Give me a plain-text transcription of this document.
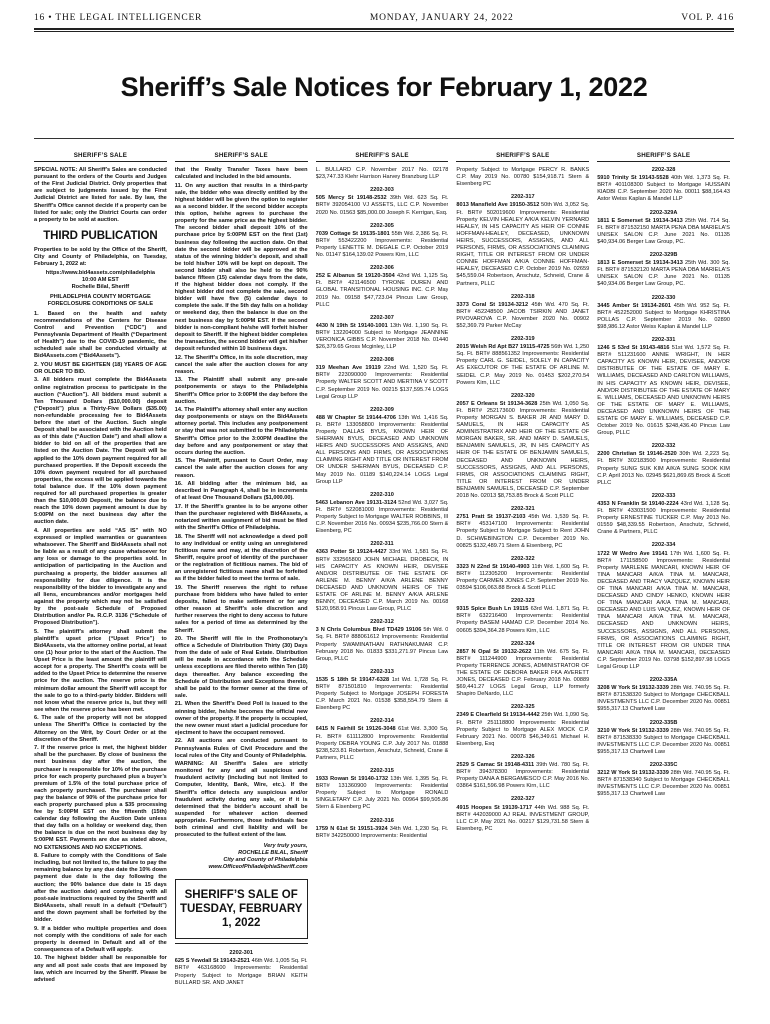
16 • THE LEGAL INTELLIGENCER	MONDAY, JANUARY 24, 2022	VOL P. 416
Sheriff’s Sale Notices for February 1, 2022
SHERIFF’S SALE

SPECIAL NOTE: All Sheriff’s Sales are conducted pursuant to the orders of the Courts and Judges of the First Judicial District. Only properties that are subject to judgments issued by the First Judicial District are listed for sale. By law, the Sheriff’s Office cannot decide if a property can be listed for sale; only the District Courts can order a property to be sold at auction.

THIRD PUBLICATION

Properties to be sold by the Office of the Sheriff, City and County of Philadelphia, on Tuesday, February 1, 2022 at:

https://www.bid4assets.com/philadelphia
10:00 AM EST
Rochelle Bilal, Sheriff
PHILADELPHIA COUNTY MORTGAGE FORECLOSURE CONDITIONS OF SALE

1. Based on the health and safety recommendations of the Centers for Disease Control and Prevention (“CDC”) and Pennsylvania Department of Health (“Department of Health”) due to the COVID-19 pandemic, the scheduled sale shall be conducted virtually at Bid4Assets.com (“Bid4Assets”).

2. YOU MUST BE EIGHTEEN (18) YEARS OF AGE OR OLDER TO BID.

3. All bidders must complete the Bid4Assets online registration process to participate in the auction (“Auction”). All bidders must submit a Ten Thousand Dollars ($10,000.00) deposit (“Deposit”) plus a Thirty-Five Dollars ($35.00) non-refundable processing fee to Bid4Assets before the start of the Auction. Such single Deposit shall be associated with the Auction held as of this date (“Auction Date”) and shall allow a bidder to bid on all of the properties that are listed on the Auction Date. The Deposit will be applied to the 10% down payment required for all purchased properties. If the Deposit exceeds the 10% down payment required for all purchased properties, the excess will be applied towards the total balance due. If the 10% down payment required for all purchased properties is greater than the $10,000.00 Deposit, the balance due to reach the 10% down payment amount is due by 5:00PM on the next business day after the auction date.

4. All properties are sold “AS IS” with NO expressed or implied warranties or guarantees whatsoever. The Sheriff and Bid4Assets shall not be liable as a result of any cause whatsoever for any loss or damage to the properties sold. In anticipation of participating in the Auction and purchasing a property, the bidder assumes all responsibility for due diligence. It is the responsibility of the bidder to investigate any and all liens, encumbrances and/or mortgages held against the property which may not be satisfied by the post-sale Schedule of Proposed Distribution and/or Pa. R.C.P. 3136 (“Schedule of Proposed Distribution”).

5. The plaintiff’s attorney shall submit the plaintiff’s upset price (“Upset Price”) to Bid4Assets, via the attorney online portal, at least one (1) hour prior to the start of the Auction. The Upset Price is the least amount the plaintiff will accept for a property. The Sheriff’s costs will be added to the Upset Price to determine the reserve price for the auction. The reserve price is the minimum dollar amount the Sheriff will accept for the sale to go to a third-party bidder. Bidders will not know what the reserve price is, but they will see when the reserve price has been met.

6. The sale of the property will not be stopped unless The Sheriff’s Office is contacted by the Attorney on the Writ, by Court Order or at the discretion of the Sheriff.

7. If the reserve price is met, the highest bidder shall be the purchaser. By close of business the next business day after the auction, the purchaser is responsible for 10% of the purchase price for each property purchased plus a buyer’s premium of 1.5% of the total purchase price of each property purchased. The purchaser shall pay the balance of 90% of the purchase price for each property purchased plus a $35 processing fee by 5:00PM EST on the fifteenth (15th) calendar day following the Auction Date unless that day falls on a holiday or weekend day, then the balance is due on the next business day by 5:00PM EST. Payments are due as stated above, NO EXTENSIONS AND NO EXCEPTIONS.

8. Failure to comply with the Conditions of Sale including, but not limited to, the failure to pay the remaining balance by any due date the 10% down payment due date is the day following the auction; the 90% balance due date is 15 days after the auction date) and completing with all post-sale instructions required by the Sheriff and Bid4Assets, shall result in a default (“Default”) and the down payment shall be forfeited by the bidder.

9. If a bidder who multiple properties and does not comply with the conditions of sale for each property is deemed in Default and all of the consequences of a Default will apply.

10. The highest bidder shall be responsible for any and all post sale costs that are imposed by law, which are incurred by the Sheriff. Please be advised

SHERIFF’S SALE

that the Realty Transfer Taxes have been calculated and included in the bid amounts.

11. On any auction that results in a third-party sale, the bidder who was directly entitled by the highest bidder will be given the option to register as a second bidder. If the second bidder accepts this option, he/she agrees to purchase the property for the same price as the highest bidder. The second bidder shall deposit 10% of the purchase price by 5:00PM EST on the first (1st) business day following the auction date. On that date the second bidder will be approved at the status of the winning bidder’s deposit, and shall be told his/her 10% will be kept on deposit. The second bidder shall also be held to the 90% balance fifteen (15) calendar days from the date, if the highest bidder does not comply. If the highest bidder did not complete the sale, second bidder will have five (5) calendar days to complete the sale. If the 5th day falls on a holiday or weekend day, then the balance is due on the next business day by 5:00PM EST. If the second bidder is non-compliant he/she will forfeit his/her deposit to Sheriff. If the highest bidder completes the transaction, the second bidder will get his/her deposit refunded within 10 business days.

12. The Sheriff’s Office, in its sole discretion, may cancel the sale after the auction closes for any reason.

13. The Plaintiff shall submit any pre-sale postponements or stays to the Philadelphia Sheriff’s Office prior to 3:00PM the day before the auction.

14. The Plaintiff’s attorney shall enter any auction day postponements or stays on the Bid4Assets attorney portal. This includes any postponement or stay that was not submitted to the Philadelphia Sheriff’s Office prior to the 3:00PM deadline the day before and any postponement or stay that occurs during the auction.

15. The Plaintiff, pursuant to Court Order, may cancel the sale after the auction closes for any reason.

16. All bidding after the minimum bid, as described in Paragraph 4, shall be in increments of at least One Thousand Dollars ($1,000.00).

17. If the Sheriff’s grantee is to be anyone other than the purchaser registered with Bid4Assets, a notarized written assignment of bid must be filed with the Sheriff’s Office of Philadelphia.

18. The Sheriff will not acknowledge a deed poll to any individual or entity using an unregistered fictitious name and may, at the discretion of the Sheriff, require proof of identity of the purchaser or the registration of fictitious names. The bid of an unregistered fictitious name shall be forfeited as if the bidder failed to meet the terms of sale.

19. The Sheriff reserves the right to refuse purchase from bidders who have failed to enter deposits, failed to make settlement or for any other reason at Sheriff’s sole discretion and further reserves the right to deny access to future sales for a period of time as determined by the Sheriff.

20. The Sheriff will file in the Prothonotary’s office a Schedule of Distribution Thirty (30) Days from the date of sale of Real Estate. Distribution will be made in accordance with the Schedule unless exceptions are filed thereto within Ten (10) days thereafter. Any balance exceeding the Schedule of Distribution and Exceptions thereto, shall be paid to the former owner at the time of sale.

21. When the Sheriff’s Deed Poll is issued to the winning bidder, he/she becomes the official new owner of the property. If the property is occupied, the new owner must start a judicial procedure for ejectment to have the occupant removed.

22. All auctions are conducted pursuant to Pennsylvania Rules of Civil Procedure and the local rules of the City and County of Philadelphia.

WARNING: All Sheriff’s Sales are strictly monitored for any and all suspicious and fraudulent activity (including but not limited to Computer, Identity, Bank, Wire, etc.). If the Sheriff’s office detects any suspicious and/or fraudulent activity during any sale, or if it is determined that the bidder’s account shall be suspended for whatever action deemed appropriate. Furthermore, those individuals face both criminal and civil liability and will be prosecuted to the fullest extent of the law.

Very truly yours,
ROCHELLE BILAL, Sheriff
City and County of Philadelphia
www.OfficeofPhiladelphiaSheriff.com
SHERIFF’S SALE OF TUESDAY, FEBRUARY 1, 2022
2202-301
625 S Yewdall St 19143-2521 46th Wd. 1,005 Sq. Ft. BRT# 463168600 Improvements: Residential Property Subject to Mortgage BRIAN KEITH BULLARD SR. AND JANET
SHERIFF’S SALE
L. BULLARD C.P. November 2017 No. 02178 $23,747.33 Klehr Harrison Harvey Branzburg LLP
2202-303
505 Mercy St 19148-2532 39th Wd. 623 Sq. Ft. BRT# 392054100 VJ ASSETS, LLC C.P. November 2020 No. 01563 $85,000.00 Joseph F. Kerrigan, Esq.
2202-305
7039 Cottage St 19135-1801 55th Wd. 2,386 Sq. Ft. BRT# 553422200 Improvements: Residential Property LENETTE M. DEGALE C.P. October 2019 No. 01147 $164,139.02 Powers Kirn, LLC
2202-306
252 E Albanus St 19120-3504 42nd Wd. 1,125 Sq. Ft. BRT# 421146500 TYRONE DUREN AND GLOBAL TRANSITIONAL HOUSING INC. C.P. May 2019 No. 09158 $47,723.04 Pincus Law Group, PLLC
2202-307
4430 N 19th St 19140-1001 13th Wd. 1,190 Sq. Ft. BRT# 132204000 Subject to Mortgage JEANNINE VERONICA GIBBS C.P. November 2018 No. 01440 $26,379.65 Gross Mcginley, LLP
2202-308
319 Meehan Ave 19119 22nd Wd. 1,520 Sq. Ft. BRT# 223090000 Improvements: Residential Property WALTER SCOTT AND MERTINA V SCOTT C.P. September 2019 No. 00215 $137,595.74 LOGS Legal Group LLP
2202-309
488 W Chapter St 19144-4706 13th Wd. 1,416 Sq. Ft. BRT# 133058800 Improvements: Residential Property DALLAS BYUS, KNOWN HEIR OF SHERMAN BYUS, DECEASED AND UNKNOWN HEIRS AND SUCCESSORS AND ASSIGNS, AND ALL PERSONS AND FIRMS, OR ASSOCIATIONS CLAIMING RIGHT AND TITLE OR INTEREST FROM OR UNDER SHERMAN BYUS, DECEASED C.P. May 2019 No. 01189 $140,224.14 LOGS Legal Group LLP
2202-310
5463 Lebanon Ave 19131-3124 52nd Wd. 3,027 Sq. Ft. BRT# 522081000 Improvements: Residential Property Subject to Mortgage WALTER ROBBINS, III C.P. November 2016 No. 00934 $235,766.00 Stern & Eisenberg, PC
2202-311
4363 Potter St 19124-4427 33rd Wd. 1,581 Sq. Ft. BRT# 332565800 JOHN MICHAEL DROBECK, IN HIS CAPACITY AS KNOWN HEIR, DEVISEE AND/OR DISTRIBUTEE OF THE ESTATE OF ARLENE M. BENNY A/K/A ARLENE BENNY DECEASED AND UNKNOWN HEIRS OF THE ESTATE OF ARLINE M. BENNY A/K/A ARLENE BENNY, DECEASED C.P. March 2019 No. 00168 $120,958.91 Pincus Law Group, PLLC
2202-312
3 N Chris Columbus Blvd TD429 19106 5th Wd. 0 Sq. Ft. BRT# 888061612 Improvements: Residential Property SWAMINATHAN RATHNAKUMAR C.P. February 2018 No. 01833 $331,271.97 Pincus Law Group, PLLC
2202-313
1535 S 18th St 19147-6328 1st Wd. 1,728 Sq. Ft. BRT# 871501810 Improvements: Residential Property Subject to Mortgage JOSEPH FORESTA C.P. March 2021 No. 01538 $358,554.79 Stern & Eisenberg PC
2202-314
6415 N Fairhill St 19126-3048 61st Wd. 3,300 Sq. Ft. BRT# 611112800 Improvements: Residential Property DEBRA YOUNG C.P. July 2017 No. 01888 $238,523.81 Robertson, Anschutz, Schneid, Crane & Partners, PLLC
2202-315
1933 Rowan St 19140-1732 13th Wd. 1,395 Sq. Ft. BRT# 131360900 Improvements: Residential Property Subject to Mortgage RONALD SINGLETARY C.P. July 2021 No. 00964 $99,505.86 Stern & Eisenberg PC
2202-316
1759 N 61st St 19151-3924 34th Wd. 1,230 Sq. Ft. BRT# 342250000 Improvements: Residential
SHERIFF’S SALE
Property Subject to Mortgage PERCY R. BANKS C.P. May 2019 No. 00780 $154,918.71 Stern & Eisenberg PC
2202-317
8013 Mansfield Ave 19150-3512 50th Wd. 3,052 Sq. Ft. BRT# 502019600 Improvements: Residential Property KELVIN HEALEY A/K/A KELVIN YERNARD HEALEY, IN HIS CAPACITY AS HEIR OF CONNIE HOFFMAN-HEALEY, DECEASED, UNKNOWN HEIRS, SUCCESSORS, ASSIGNS, AND ALL PERSONS, FIRMS, OR ASSOCIATIONS CLAIMING RIGHT, TITLE OR INTEREST FROM OR UNDER CONNIE HOFFMAN A/K/A CONNIE HOFFMAN-HEALEY, DECEASED C.P. October 2019 No. 02659 $45,559.04 Robertson, Anschutz, Schneid, Crane & Partners, PLLC
2202-318
3373 Coral St 19134-3212 45th Wd. 470 Sq. Ft. BRT# 452248500 JACOB TSIRKIN AND JANET PIVOVAROVA C.P. November 2020 No. 00902 $52,369.79 Parker McCay
2202-319
2015 Welsh Rd Apt B27 19115-4725 56th Wd. 1,250 Sq. Ft. BRT# 888561352 Improvements: Residential Property CARL G. SEIDEL, SOLELY IN CAPACITY AS EXECUTOR OF THE ESTATE OF ARLINE M. SEIDEL C.P. May 2019 No. 01453 $202,270.54 Powers Kirn, LLC
2202-320
2057 E Orleans St 19134-3628 25th Wd. 1,050 Sq. Ft. BRT# 252173600 Improvements: Residential Property MORGAN S. BAKER JR AND MARY D. SAMUELS, IN HER CAPACITY AS ADMINISTRATRIX AND HEIR OF THE ESTATE OF MORGAN BAKER, SR. AND MARY D. SAMUELS, BENJAMIN SAMUELS, JR, IN HIS CAPACITY AS HEIR OF THE ESTATE OF BENJAMIN SAMUELS, DECEASED AND UNKNOWN HEIRS, SUCCESSORS, ASSIGNS, AND ALL PERSONS, FIRMS, OR ASSOCIATIONS CLAIMING RIGHT, TITLE OR INTEREST FROM OR UNDER BENJAMIN SAMUELS, DECEASED C.P. September 2018 No. 02013 $8,753.85 Brock & Scott PLLC
2202-321
2751 Pratt St 19137-2103 45th Wd. 1,539 Sq. Ft. BRT# 453147100 Improvements: Residential Property Subject to Mortgage Subject to Rent JOHN D. SCHWEBINGTON C.P. December 2019 No. 00825 $132,489.71 Stern & Eisenberg, PC
2202-322
3323 N 22nd St 19140-4903 11th Wd. 1,600 Sq. Ft. BRT# 112305200 Improvements: Residential Property CARMEN JONES C.P. September 2019 No. 03594 $106,063.88 Brock & Scott PLLC
2202-323
9315 Spice Bush Ln 19115 63rd Wd. 1,871 Sq. Ft. BRT# 632216400 Improvements: Residential Property BASEM HAMAD C.P. December 2014 No. 00605 $394,364.28 Powers Kirn, LLC
2202-324
2857 N Opal St 19132-2622 11th Wd. 675 Sq. Ft. BRT# 111244900 Improvements: Residential Property TERRENCE JONES, ADMINISTRATOR OF THE ESTATE OF DEBORA BAKER FKA AVERETT JONES, DECEASED C.P. February 2018 No. 00889 $69,441.27 LOGS Legal Group, LLP formerly Shapiro DeNardo, LLC
2202-325
2349 E Clearfield St 19134-4442 25th Wd. 1,090 Sq. Ft. BRT# 251118800 Improvements: Residential Property Subject to Mortgage ALEX MOCK C.P. February 2021 No. 00078 $46,349.61 Michael H. Eisenberg, Esq
2202-326
2529 S Camac St 19148-4311 39th Wd. 780 Sq. Ft. BRT# 394378300 Improvements: Residential Property DANA A BERGAMESCO C.P. May 2016 No. 03864 $161,596.98 Powers Kirn, LLC
2202-327
4915 Hoopes St 19139-1717 44th Wd. 988 Sq. Ft. BRT# 442039000 AJ REAL INVESTMENT GROUP, LLC C.P. May 2021 No. 00217 $129,731.58 Stern & Eisenberg, PC
SHERIFF’S SALE
2202-328
5910 Trinity St 19143-5528 40th Wd. 1,373 Sq. Ft. BRT# 401108300 Subject to Mortgage HUSSAIN KIADBI C.P. September 2020 No. 00011 $88,164.43 Astor Weiss Kaplan & Mandel LLP
2202-329A
1811 E Somerset St 19134-3413 25th Wd. 714 Sq. Ft. BRT# 871532150 MARTA PENA DBA MARIELA'S UNISEX SALON C.P. June 2021 No. 01135 $40,934.06 Berger Law Group, PC.
2202-329B
1813 E Somerset St 19134-3413 25th Wd. 300 Sq. Ft. BRT# 871532120 MARTA PENA DBA MARIELA'S UNISEX SALON C.P. June 2021 No. 01135 $40,934.06 Berger Law Group, PC.
2202-330
3445 Amber St 19134-2601 45th Wd. 952 Sq. Ft. BRT# 452252000 Subject to Mortgage KHRISTINA POLLAS C.P. September 2019 No. 02890 $98,986.12 Astor Weiss Kaplan & Mandel LLP
2202-331
1246 S 53rd St 19143-4816 51st Wd. 1,572 Sq. Ft. BRT# 511231600 ANNIE WRIGHT, IN HER CAPACITY AS KNOWN HEIR, DEVISEE, AND/OR DISTRIBUTEE OF THE ESTATE OF MARY E. WILLIAMS, DECEASED AND CARLTON WILLIAMS, IN HIS CAPACITY AS KNOWN HEIR, DEVISEE, AND/OR DISTRIBUTEE OF THE ESTATE OF MARY E. WILLIAMS, DECEASED AND UNKNOWN HEIRS OF THE ESTATE OF MARY E. WILLIAMS, DECEASED AND UNKNOWN HEIRS OF THE ESTATE OF MARY E. WILLIAMS, DECEASED C.P. October 2019 No. 01615 $248,436.40 Pincus Law Group, PLLC
2202-332
2200 Christian St 19146-2520 30th Wd. 2,223 Sq. Ft. BRT# 302183500 Improvements: Residential Property SUNG SUK KIM A/K/A SUNG SOOK KIM C.P. April 2013 No. 02945 $621,869.65 Brock & Scott PLLC
2202-333
4353 N Franklin St 19140-2224 43rd Wd. 1,128 Sq. Ft. BRT# 433031500 Improvements: Residential Property ERNESTINE TUCKER C.P. May 2013 No. 01559 $48,339.55 Robertson, Anschutz, Schneid, Crane & Partners, PLLC
2202-334
1722 W Wedro Ave 19141 17th Wd. 1,600 Sq. Ft. BRT# 171158500 Improvements: Residential Property MARLENE MANCARI, KNOWN HEIR OF TINA MANCARI A/K/A TINA M. MANCARI, DECEASED AND TRACY VAZQUEZ, KNOWN HEIR OF TINA MANCARI A/K/A TINA M. MANCARI, DECEASED AND CINDY HENKO, KNOWN HEIR OF TINA MANCARI A/K/A TINA M. MANCARI, DECEASED AND LUIS VAQUEZ, KNOWN HEIR OF TINA MANCARI A/K/A TINA M. MANCARI, DECEASED AND UNKNOWN HEIRS, SUCCESSORS, ASSIGNS, AND ALL PERSONS, FIRMS, OR ASSOCIATIONS CLAIMING RIGHT, TITLE OR INTEREST FROM OR UNDER TINA MANCARI A/K/A TINA M. MANCARI, DECEASED C.P. September 2019 No. 03798 $152,897.98 LOGS Legal Group LLP
2202-335A
3208 W York St 19132-3339 28th Wd. 740.95 Sq. Ft. BRT# 871538320 Subject to Mortgage CHECKBALL INVESTMENTS LLC C.P. December 2020 No. 00851 $955,317.13 Chartwell Law
2202-335B
3210 W York St 19132-3339 28th Wd. 740.95 Sq. Ft. BRT# 871538330 Subject to Mortgage CHECKBALL INVESTMENTS LLC C.P. December 2020 No. 00851 $955,317.13 Chartwell Law
2202-335C
3212 W York St 19132-3339 28th Wd. 740.95 Sq. Ft. BRT# 871538340 Subject to Mortgage CHECKBALL INVESTMENTS LLC C.P. December 2020 No. 00851 $955,317.13 Chartwell Law
